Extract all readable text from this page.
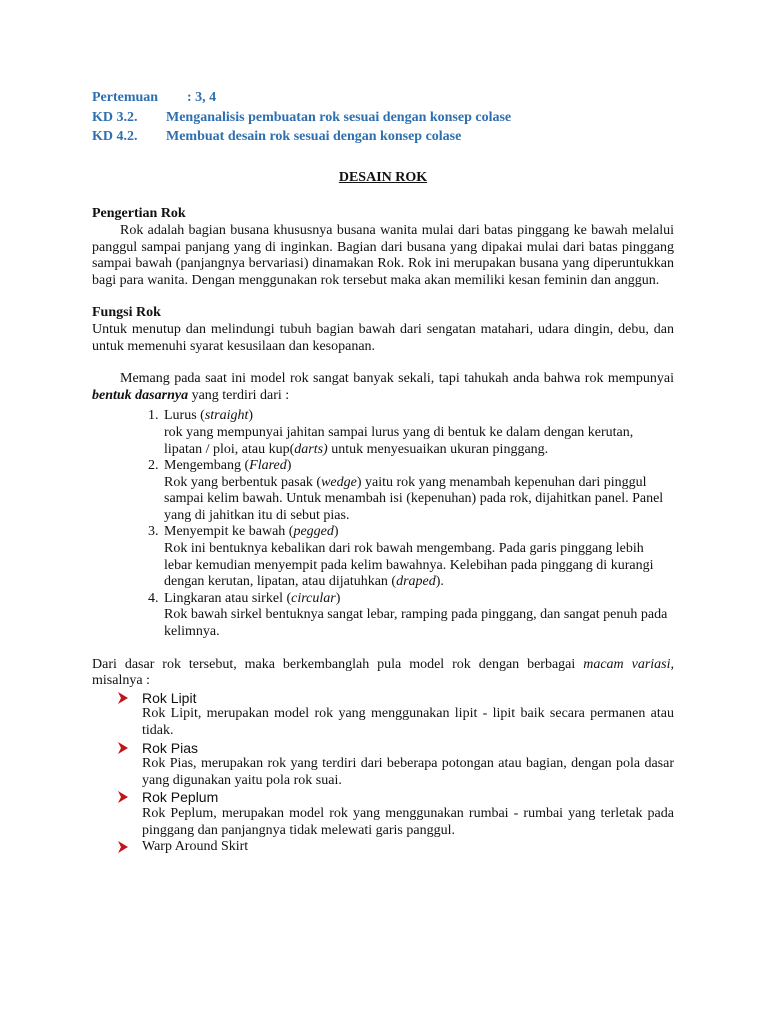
Pertemuan	: 3, 4
KD 3.2.	Menganalisis pembuatan rok sesuai dengan konsep colase
KD 4.2.	Membuat desain rok sesuai dengan konsep colase
DESAIN ROK
Pengertian Rok

Rok adalah bagian busana khususnya busana wanita mulai dari batas pinggang ke bawah melalui panggul sampai panjang yang di inginkan. Bagian dari busana yang dipakai mulai dari batas pinggang sampai bawah (panjangnya bervariasi) dinamakan Rok. Rok ini merupakan busana yang diperuntukkan bagi para wanita. Dengan menggunakan rok tersebut maka akan memiliki kesan feminin dan anggun.

Fungsi Rok

Untuk menutup dan melindungi tubuh bagian bawah dari sengatan matahari, udara dingin, debu, dan untuk memenuhi syarat kesusilaan dan kesopanan.

Memang pada saat ini model rok sangat banyak sekali, tapi tahukah anda bahwa rok mempunyai bentuk dasarnya yang terdiri dari :

1. Lurus (straight)
rok yang mempunyai jahitan sampai lurus yang di bentuk ke dalam dengan kerutan, lipatan / ploi, atau kup(darts) untuk menyesuaikan ukuran pinggang.
2. Mengembang (Flared)
Rok yang berbentuk pasak (wedge) yaitu rok yang menambah kepenuhan dari pinggul sampai kelim bawah. Untuk menambah isi (kepenuhan) pada rok, dijahitkan panel. Panel yang di jahitkan itu di sebut pias.
3. Menyempit ke bawah (pegged)
Rok ini bentuknya kebalikan dari rok bawah mengembang. Pada garis pinggang lebih lebar kemudian menyempit pada kelim bawahnya. Kelebihan pada pinggang di kurangi dengan kerutan, lipatan, atau dijatuhkan (draped).
4. Lingkaran atau sirkel (circular)
Rok bawah sirkel bentuknya sangat lebar, ramping pada pinggang, dan sangat penuh pada kelimnya.

Dari dasar rok tersebut, maka berkembanglah pula model rok dengan berbagai macam variasi, misalnya :

Rok Lipit
Rok Lipit, merupakan model rok yang menggunakan lipit - lipit baik secara permanen atau tidak.
Rok Pias
Rok Pias, merupakan rok yang terdiri dari beberapa potongan atau bagian, dengan pola dasar yang digunakan yaitu pola rok suai.
Rok Peplum
Rok Peplum, merupakan model rok yang menggunakan rumbai - rumbai yang terletak pada pinggang dan panjangnya tidak melewati garis panggul.
Warp Around Skirt
